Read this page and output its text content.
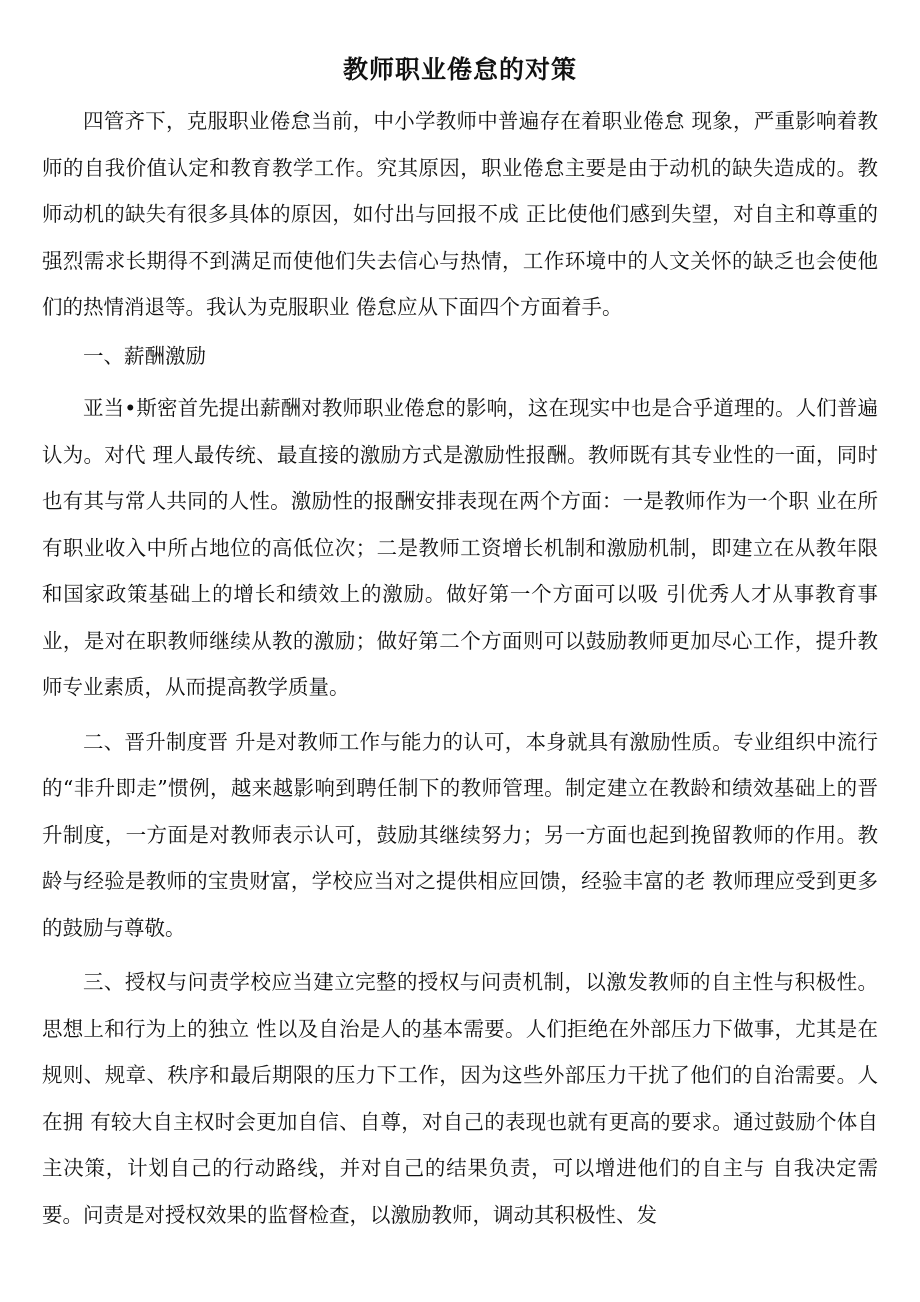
教师职业倦怠的对策

四管齐下，克服职业倦怠当前，中小学教师中普遍存在着职业倦怠 现象，严重影响着教师的自我价值认定和教育教学工作。究其原因，职业倦怠主要是由于动机的缺失造成的。教师动机的缺失有很多具体的原因，如付出与回报不成 正比使他们感到失望，对自主和尊重的强烈需求长期得不到满足而使他们失去信心与热情，工作环境中的人文关怀的缺乏也会使他们的热情消退等。我认为克服职业 倦怠应从下面四个方面着手。

一、薪酬激励

亚当•斯密首先提出薪酬对教师职业倦怠的影响，这在现实中也是合乎道理的。人们普遍认为。对代 理人最传统、最直接的激励方式是激励性报酬。教师既有其专业性的一面，同时也有其与常人共同的人性。激励性的报酬安排表现在两个方面：一是教师作为一个职 业在所有职业收入中所占地位的高低位次；二是教师工资增长机制和激励机制，即建立在从教年限和国家政策基础上的增长和绩效上的激励。做好第一个方面可以吸 引优秀人才从事教育事业，是对在职教师继续从教的激励；做好第二个方面则可以鼓励教师更加尽心工作，提升教师专业素质，从而提高教学质量。

二、晋升制度晋 升是对教师工作与能力的认可，本身就具有激励性质。专业组织中流行的“非升即走”惯例，越来越影响到聘任制下的教师管理。制定建立在教龄和绩效基础上的晋 升制度，一方面是对教师表示认可，鼓励其继续努力；另一方面也起到挽留教师的作用。教龄与经验是教师的宝贵财富，学校应当对之提供相应回馈，经验丰富的老 教师理应受到更多的鼓励与尊敬。

三、授权与问责学校应当建立完整的授权与问责机制，以激发教师的自主性与积极性。思想上和行为上的独立 性以及自治是人的基本需要。人们拒绝在外部压力下做事，尤其是在规则、规章、秩序和最后期限的压力下工作，因为这些外部压力干扰了他们的自治需要。人在拥 有较大自主权时会更加自信、自尊，对自己的表现也就有更高的要求。通过鼓励个体自主决策，计划自己的行动路线，并对自己的结果负责，可以增进他们的自主与 自我决定需要。问责是对授权效果的监督检查，以激励教师，调动其积极性、发
